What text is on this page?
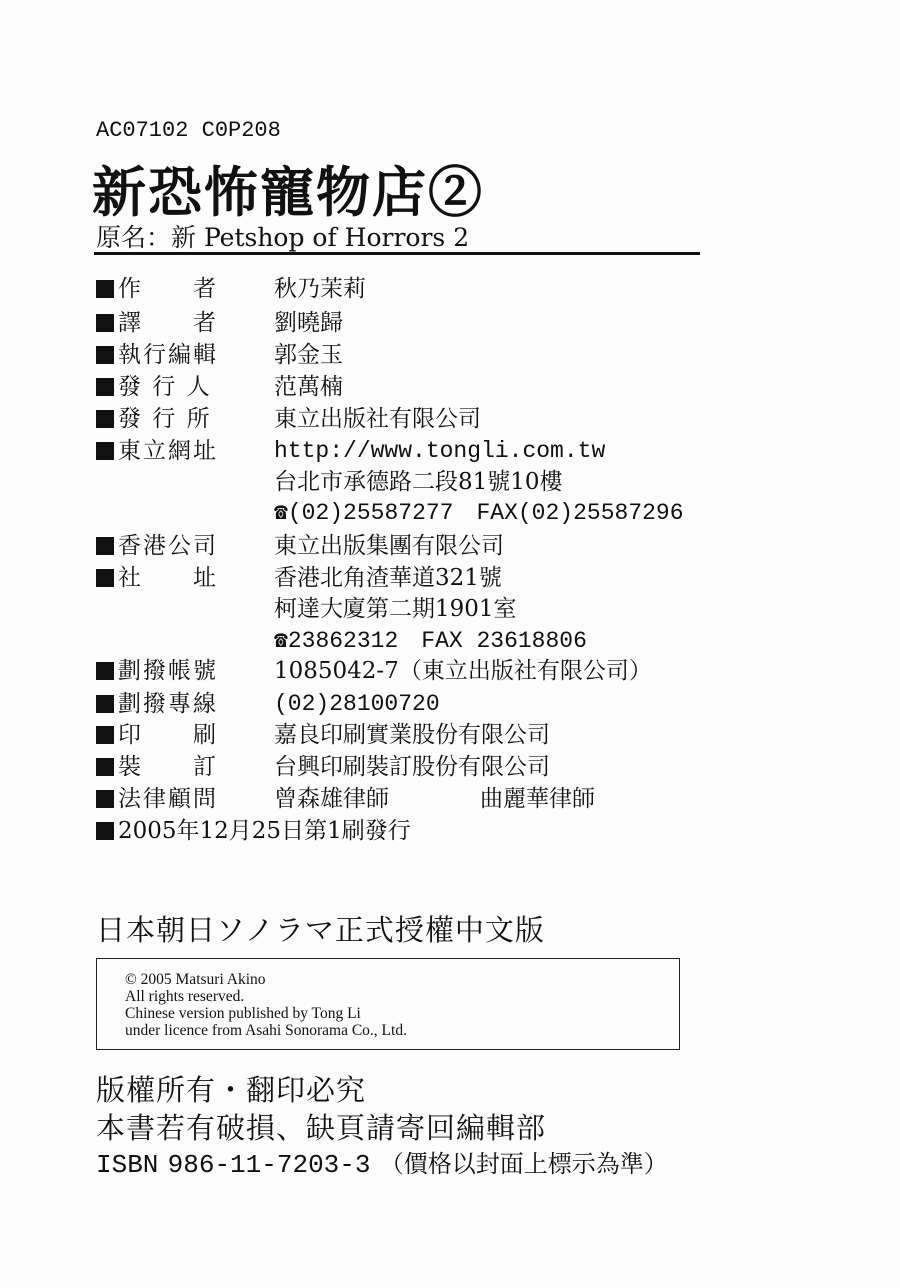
AC07102 C0P208
新恐怖寵物店②
原名：新 Petshop of Horrors 2
作　　者 秋乃茉莉
譯　　者 劉曉歸
執行編輯 郭金玉
發 行 人	范萬楠
發 行 所	東立出版社有限公司
東立網址 http://www.tongli.com.tw
台北市承德路二段81號10樓
☎(02)25587277　FAX(02)25587296
香港公司 東立出版集團有限公司
社　　址 香港北角渣華道321號
柯達大廈第二期1901室
☎23862312　FAX 23618806
劃撥帳號 1085042-7（東立出版社有限公司）
劃撥專線 (02)28100720
印　　刷 嘉良印刷實業股份有限公司
裝　　訂 台興印刷裝訂股份有限公司
法律顧問 曾森雄律師	曲麗華律師
2005年12月25日第1刷發行
日本朝日ソノラマ正式授權中文版
© 2005 Matsuri Akino
All rights reserved.
Chinese version published by Tong Li
under licence from Asahi Sonorama Co., Ltd.
版權所有・翻印必究
本書若有破損、缺頁請寄回編輯部
ISBN 986-11-7203-3 （價格以封面上標示為準）
